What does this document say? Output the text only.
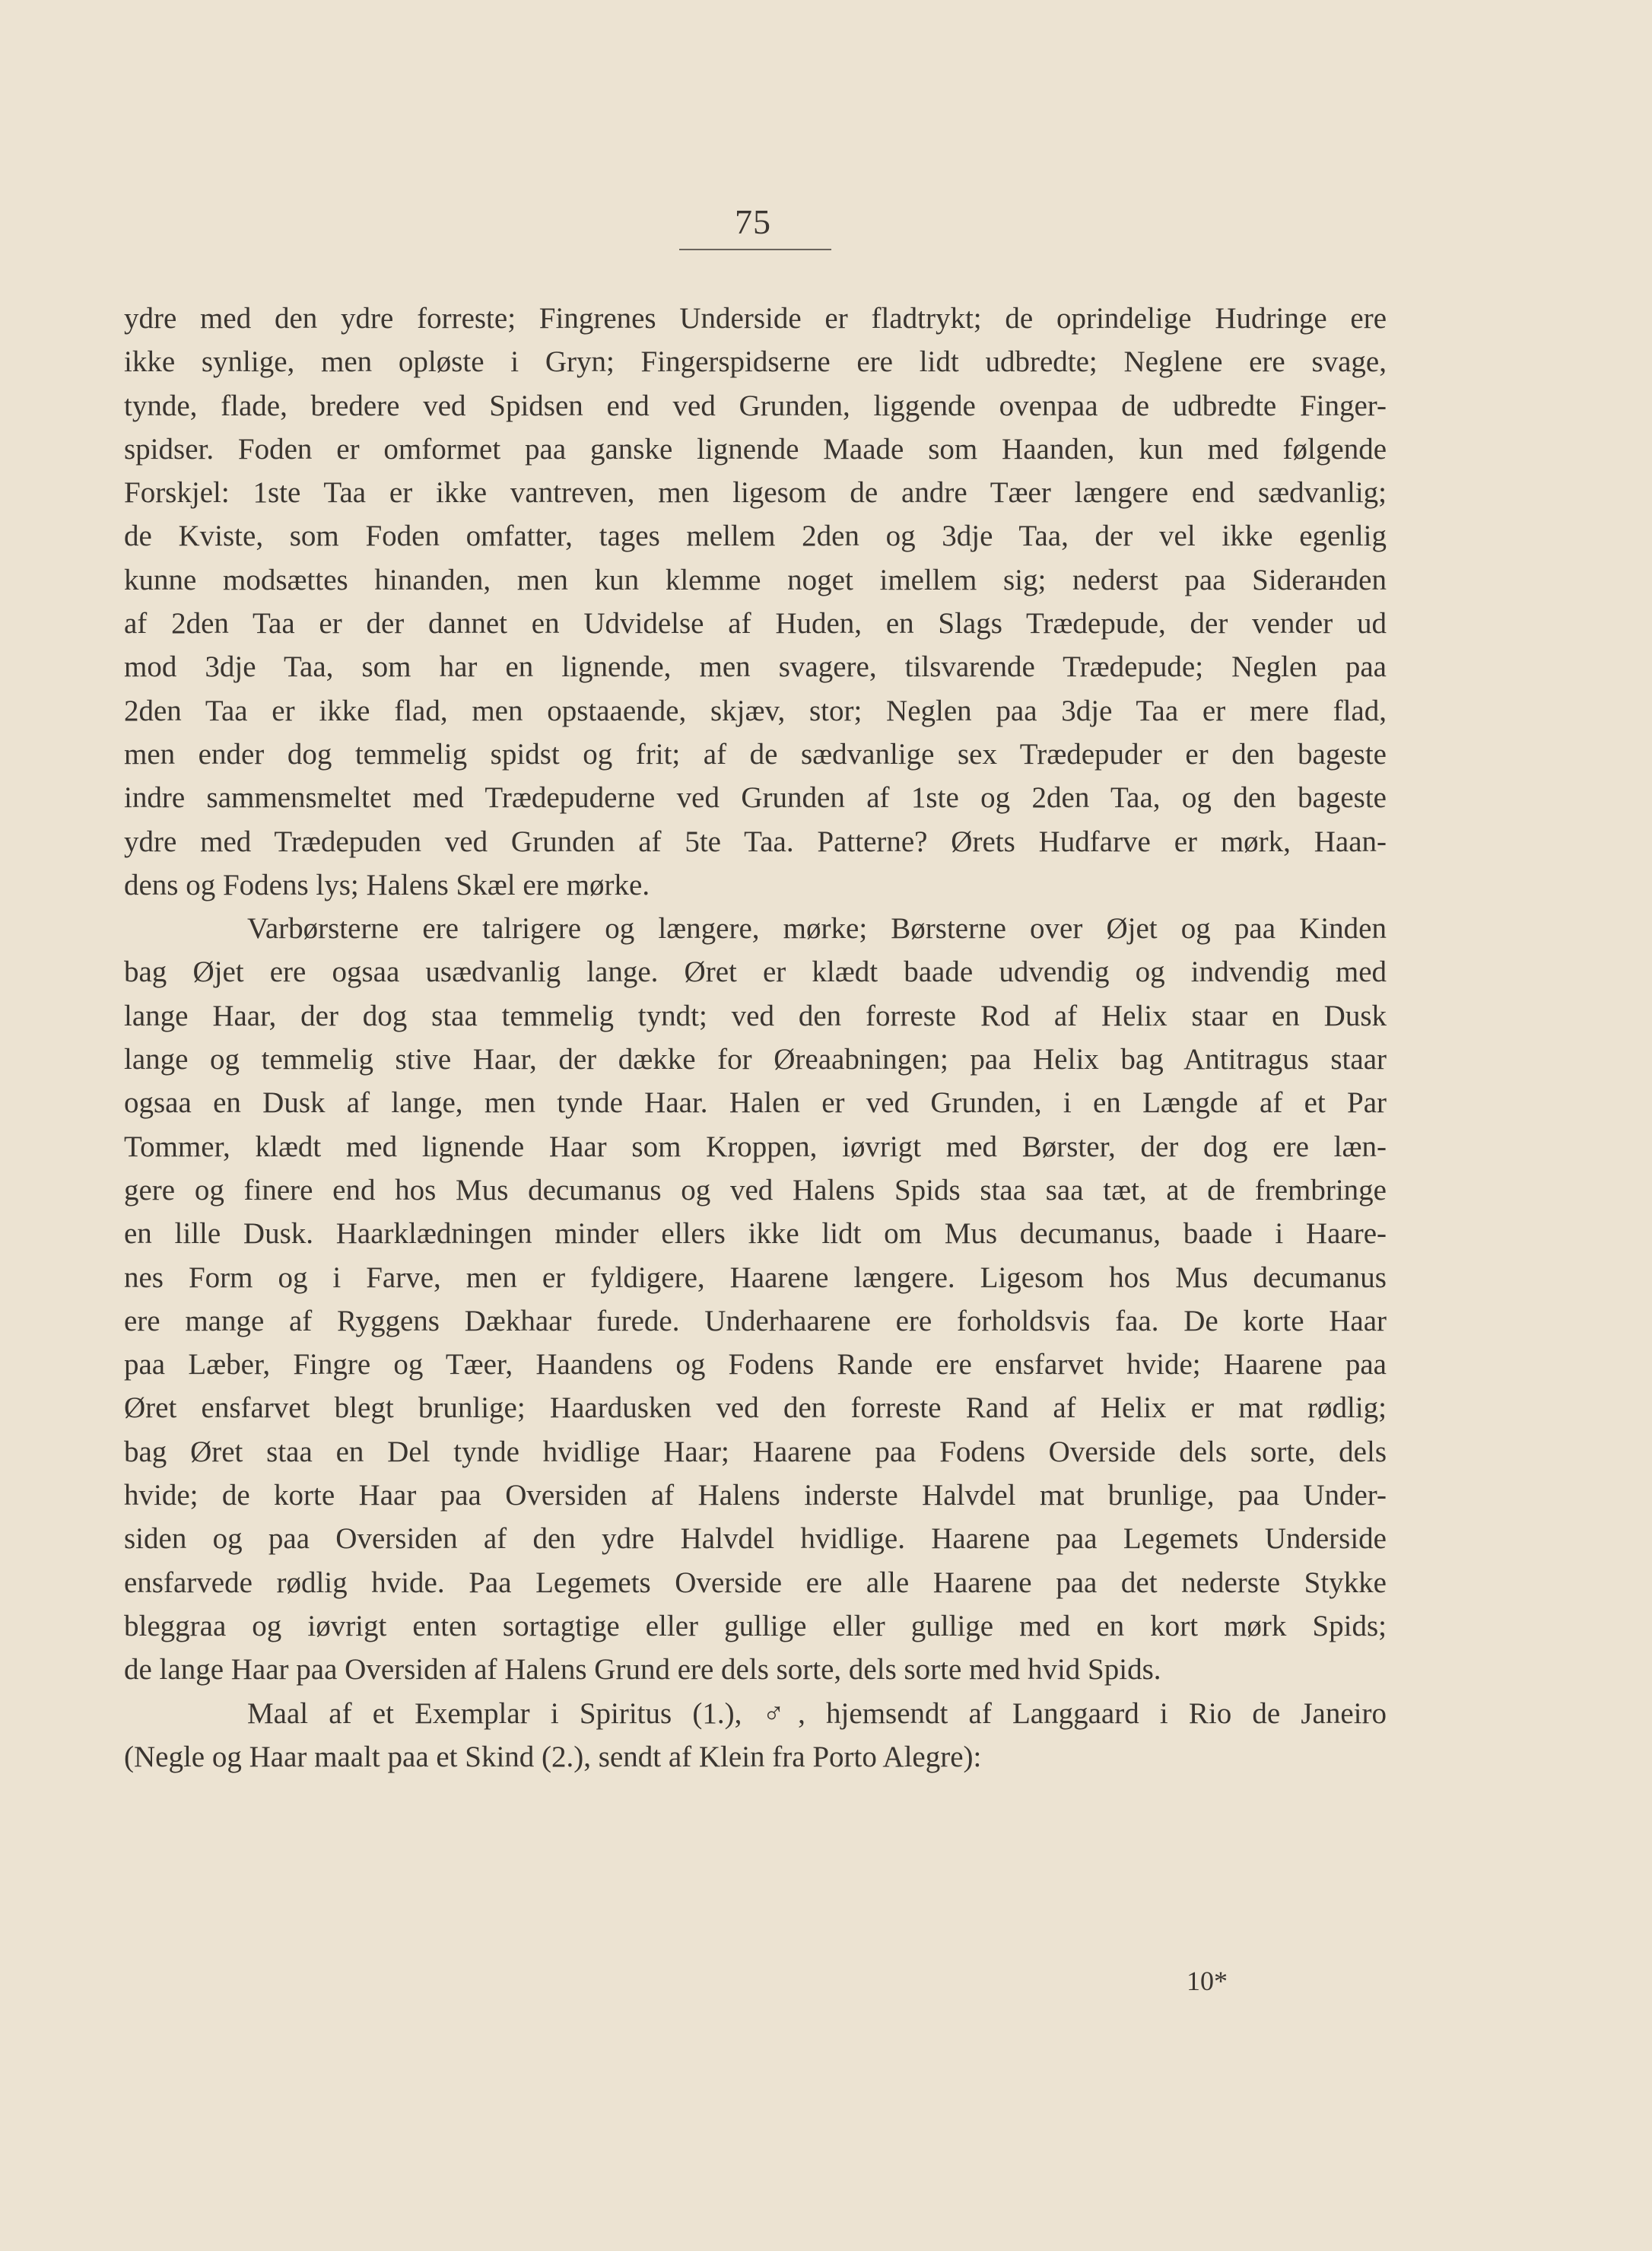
75
ydre med den ydre forreste; Fingrenes Underside er fladtrykt; de oprindelige Hudringe ere
ikke synlige, men opløste i Gryn; Fingerspidserne ere lidt udbredte; Neglene ere svage,
tynde, flade, bredere ved Spidsen end ved Grunden, liggende ovenpaa de udbredte Finger-
spidser. Foden er omformet paa ganske lignende Maade som Haanden, kun med følgende
Forskjel: 1ste Taa er ikke vantreven, men ligesom de andre Tæer længere end sædvanlig;
de Kviste, som Foden omfatter, tages mellem 2den og 3dje Taa, der vel ikke egenlig
kunne modsættes hinanden, men kun klemme noget imellem sig; nederst paa Siderанden
af 2den Taa er der dannet en Udvidelse af Huden, en Slags Trædepude, der vender ud
mod 3dje Taa, som har en lignende, men svagere, tilsvarende Trædepude; Neglen paa
2den Taa er ikke flad, men opstaaende, skjæv, stor; Neglen paa 3dje Taa er mere flad,
men ender dog temmelig spidst og frit; af de sædvanlige sex Trædepuder er den bageste
indre sammensmeltet med Trædepuderne ved Grunden af 1ste og 2den Taa, og den bageste
ydre med Trædepuden ved Grunden af 5te Taa. Patterne? Ørets Hudfarve er mørk, Haan-
dens og Fodens lys; Halens Skæl ere mørke.
Varbørsterne ere talrigere og længere, mørke; Børsterne over Øjet og paa Kinden
bag Øjet ere ogsaa usædvanlig lange. Øret er klædt baade udvendig og indvendig med
lange Haar, der dog staa temmelig tyndt; ved den forreste Rod af Helix staar en Dusk
lange og temmelig stive Haar, der dække for Øreaabningen; paa Helix bag Antitragus staar
ogsaa en Dusk af lange, men tynde Haar. Halen er ved Grunden, i en Længde af et Par
Tommer, klædt med lignende Haar som Kroppen, iøvrigt med Børster, der dog ere læn-
gere og finere end hos Mus decumanus og ved Halens Spids staa saa tæt, at de frembringe
en lille Dusk. Haarklædningen minder ellers ikke lidt om Mus decumanus, baade i Haare-
nes Form og i Farve, men er fyldigere, Haarene længere. Ligesom hos Mus decumanus
ere mange af Ryggens Dækhaar furede. Underhaarene ere forholdsvis faa. De korte Haar
paa Læber, Fingre og Tæer, Haandens og Fodens Rande ere ensfarvet hvide; Haarene paa
Øret ensfarvet blegt brunlige; Haardusken ved den forreste Rand af Helix er mat rødlig;
bag Øret staa en Del tynde hvidlige Haar; Haarene paa Fodens Overside dels sorte, dels
hvide; de korte Haar paa Oversiden af Halens inderste Halvdel mat brunlige, paa Under-
siden og paa Oversiden af den ydre Halvdel hvidlige. Haarene paa Legemets Underside
ensfarvede rødlig hvide. Paa Legemets Overside ere alle Haarene paa det nederste Stykke
bleggraa og iøvrigt enten sortagtige eller gullige eller gullige med en kort mørk Spids;
de lange Haar paa Oversiden af Halens Grund ere dels sorte, dels sorte med hvid Spids.
Maal af et Exemplar i Spiritus (1.), ♂, hjemsendt af Langgaard i Rio de Janeiro
(Negle og Haar maalt paa et Skind (2.), sendt af Klein fra Porto Alegre):
10*
